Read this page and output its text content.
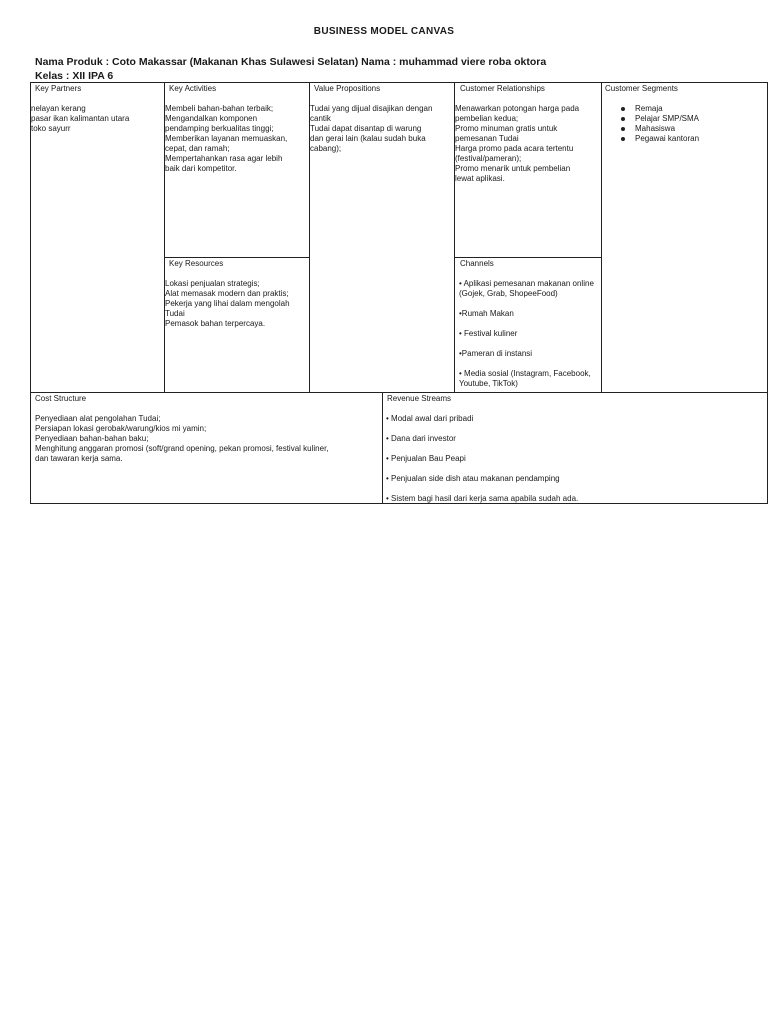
BUSINESS MODEL CANVAS
Nama Produk : Coto Makassar (Makanan Khas Sulawesi Selatan) Nama : muhammad viere roba oktora
Kelas : XII IPA 6
Key Partners
nelayan kerang
pasar ikan kalimantan utara
toko sayurr
Key Activities
Membeli bahan-bahan terbaik;
Mengandalkan komponen
pendamping berkualitas tinggi;
Memberikan layanan memuaskan,
cepat, dan ramah;
Mempertahankan rasa agar lebih
baik dari kompetitor.
Value Propositions
Tudai yang dijual disajikan dengan
cantik
Tudai dapat disantap di warung
dan gerai lain (kalau sudah buka
cabang);
Customer Relationships
Menawarkan potongan harga pada
pembelian kedua;
Promo minuman gratis untuk
pemesanan Tudai
Harga promo pada acara tertentu
(festival/pameran);
Promo menarik untuk pembelian
lewat aplikasi.
Customer Segments
Remaja
Pelajar SMP/SMA
Mahasiswa
Pegawai kantoran
Key Resources
Lokasi penjualan strategis;
Alat memasak modern dan praktis;
Pekerja yang lihai dalam mengolah
Tudai
Pemasok bahan terpercaya.
Channels
• Aplikasi pemesanan makanan online (Gojek, Grab, ShopeeFood)
•Rumah Makan
• Festival kuliner
•Pameran di instansi
• Media sosial (Instagram, Facebook, Youtube, TikTok)
Cost Structure
Penyediaan alat pengolahan Tudai;
Persiapan lokasi gerobak/warung/kios mi yamin;
Penyediaan bahan-bahan baku;
Menghitung anggaran promosi (soft/grand opening, pekan promosi, festival kuliner,
dan tawaran kerja sama.
Revenue Streams
• Modal awal dari pribadi
• Dana dari investor
• Penjualan Bau Peapi
• Penjualan side dish atau makanan pendamping
• Sistem bagi hasil dari kerja sama apabila sudah ada.
